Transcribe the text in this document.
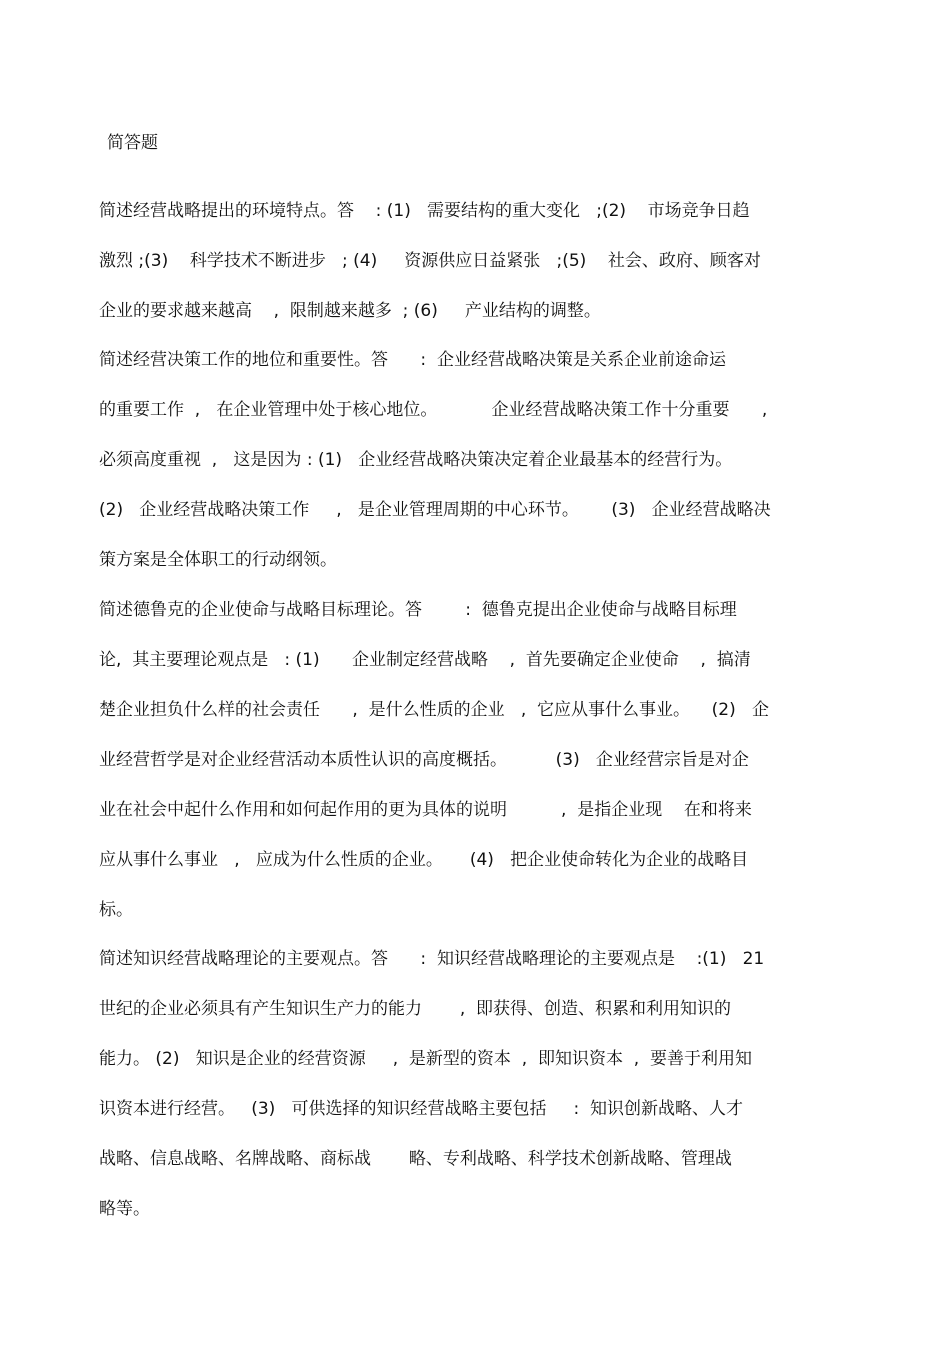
简答题
简述经营战略提出的环境特点。答    : (1)   需要结构的重大变化   ;(2)    市场竞争日趋
激烈 ;(3)    科学技术不断进步   ; (4)     资源供应日益紧张   ;(5)    社会、政府、顾客对
企业的要求越来越高    ,  限制越来越多  ; (6)     产业结构的调整。
简述经营决策工作的地位和重要性。答      :  企业经营战略决策是关系企业前途命运
的重要工作  ,   在企业管理中处于核心地位。          企业经营战略决策工作十分重要      ,
必须高度重视  ,   这是因为 : (1)   企业经营战略决策决定着企业最基本的经营行为。
(2)   企业经营战略决策工作     ,   是企业管理周期的中心环节。      (3)   企业经营战略决
策方案是全体职工的行动纲领。
简述德鲁克的企业使命与战略目标理论。答        :  德鲁克提出企业使命与战略目标理
论,  其主要理论观点是   : (1)      企业制定经营战略    ,  首先要确定企业使命    ,  搞清
楚企业担负什么样的社会责任      ,  是什么性质的企业   ,  它应从事什么事业。    (2)   企
业经营哲学是对企业经营活动本质性认识的高度概括。         (3)   企业经营宗旨是对企
业在社会中起什么作用和如何起作用的更为具体的说明          ,  是指企业现    在和将来
应从事什么事业   ,   应成为什么性质的企业。     (4)   把企业使命转化为企业的战略目
标。
简述知识经营战略理论的主要观点。答      :  知识经营战略理论的主要观点是    :(1)   21
世纪的企业必须具有产生知识生产力的能力       ,  即获得、创造、积累和利用知识的
能力。 (2)   知识是企业的经营资源     ,  是新型的资本  ,  即知识资本  ,  要善于利用知
识资本进行经营。   (3)   可供选择的知识经营战略主要包括     :  知识创新战略、人才
战略、信息战略、名牌战略、商标战       略、专利战略、科学技术创新战略、管理战
略等。
